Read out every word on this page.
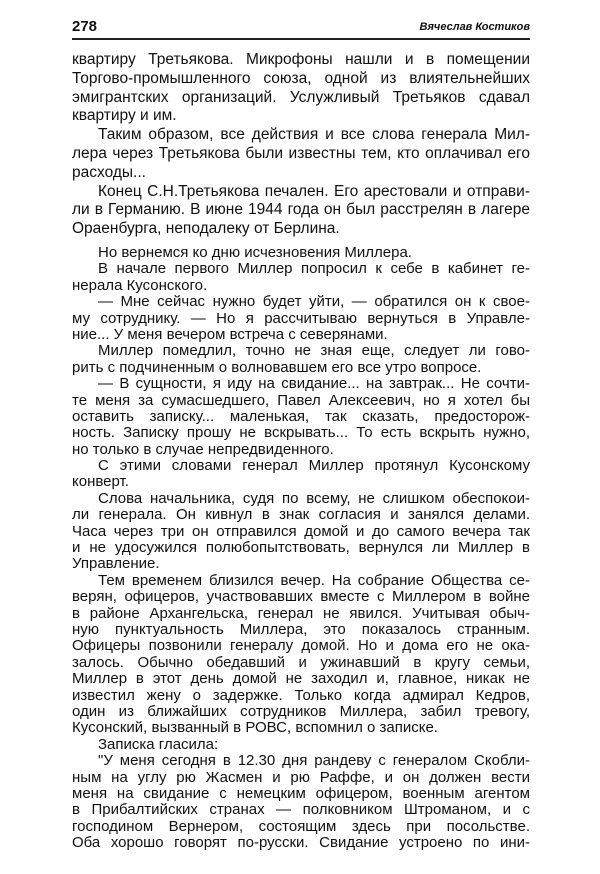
278	Вячеслав Костиков
квартиру Третьякова. Микрофоны нашли и в помещении
Торгово-промышленного союза, одной из влиятельнейших
эмигрантских организаций. Услужливый Третьяков сдавал
квартиру и им.
Таким образом, все действия и все слова генерала Мил-
лера через Третьякова были известны тем, кто оплачивал его
расходы...
Конец С.Н.Третьякова печален. Его арестовали и отправи-
ли в Германию. В июне 1944 года он был расстрелян в лагере
Ораенбурга, неподалеку от Берлина.
Но вернемся ко дню исчезновения Миллера.
В начале первого Миллер попросил к себе в кабинет ге-
нерала Кусонского.
— Мне сейчас нужно будет уйти, — обратился он к свое-
му сотруднику. — Но я рассчитываю вернуться в Управле-
ние... У меня вечером встреча с северянами.
Миллер помедлил, точно не зная еще, следует ли гово-
рить с подчиненным о волновавшем его все утро вопросе.
— В сущности, я иду на свидание... на завтрак... Не сочти-
те меня за сумасшедшего, Павел Алексеевич, но я хотел бы
оставить записку... маленькая, так сказать, предосторож-
ность. Записку прошу не вскрывать... То есть вскрыть нужно,
но только в случае непредвиденного.
С этими словами генерал Миллер протянул Кусонскому
конверт.
Слова начальника, судя по всему, не слишком обеспокои-
ли генерала. Он кивнул в знак согласия и занялся делами.
Часа через три он отправился домой и до самого вечера так
и не удосужился полюбопытствовать, вернулся ли Миллер в
Управление.
Тем временем близился вечер. На собрание Общества се-
верян, офицеров, участвовавших вместе с Миллером в войне
в районе Архангельска, генерал не явился. Учитывая обыч-
ную пунктуальность Миллера, это показалось странным.
Офицеры позвонили генералу домой. Но и дома его не ока-
залось. Обычно обедавший и ужинавший в кругу семьи,
Миллер в этот день домой не заходил и, главное, никак не
известил жену о задержке. Только когда адмирал Кедров,
один из ближайших сотрудников Миллера, забил тревогу,
Кусонский, вызванный в РОВС, вспомнил о записке.
Записка гласила:
"У меня сегодня в 12.30 дня рандеву с генералом Скобли-
ным на углу рю Жасмен и рю Раффе, и он должен вести
меня на свидание с немецким офицером, военным агентом
в Прибалтийских странах — полковником Штроманом, и с
господином Вернером, состоящим здесь при посольстве.
Оба хорошо говорят по-русски. Свидание устроено по ини-
